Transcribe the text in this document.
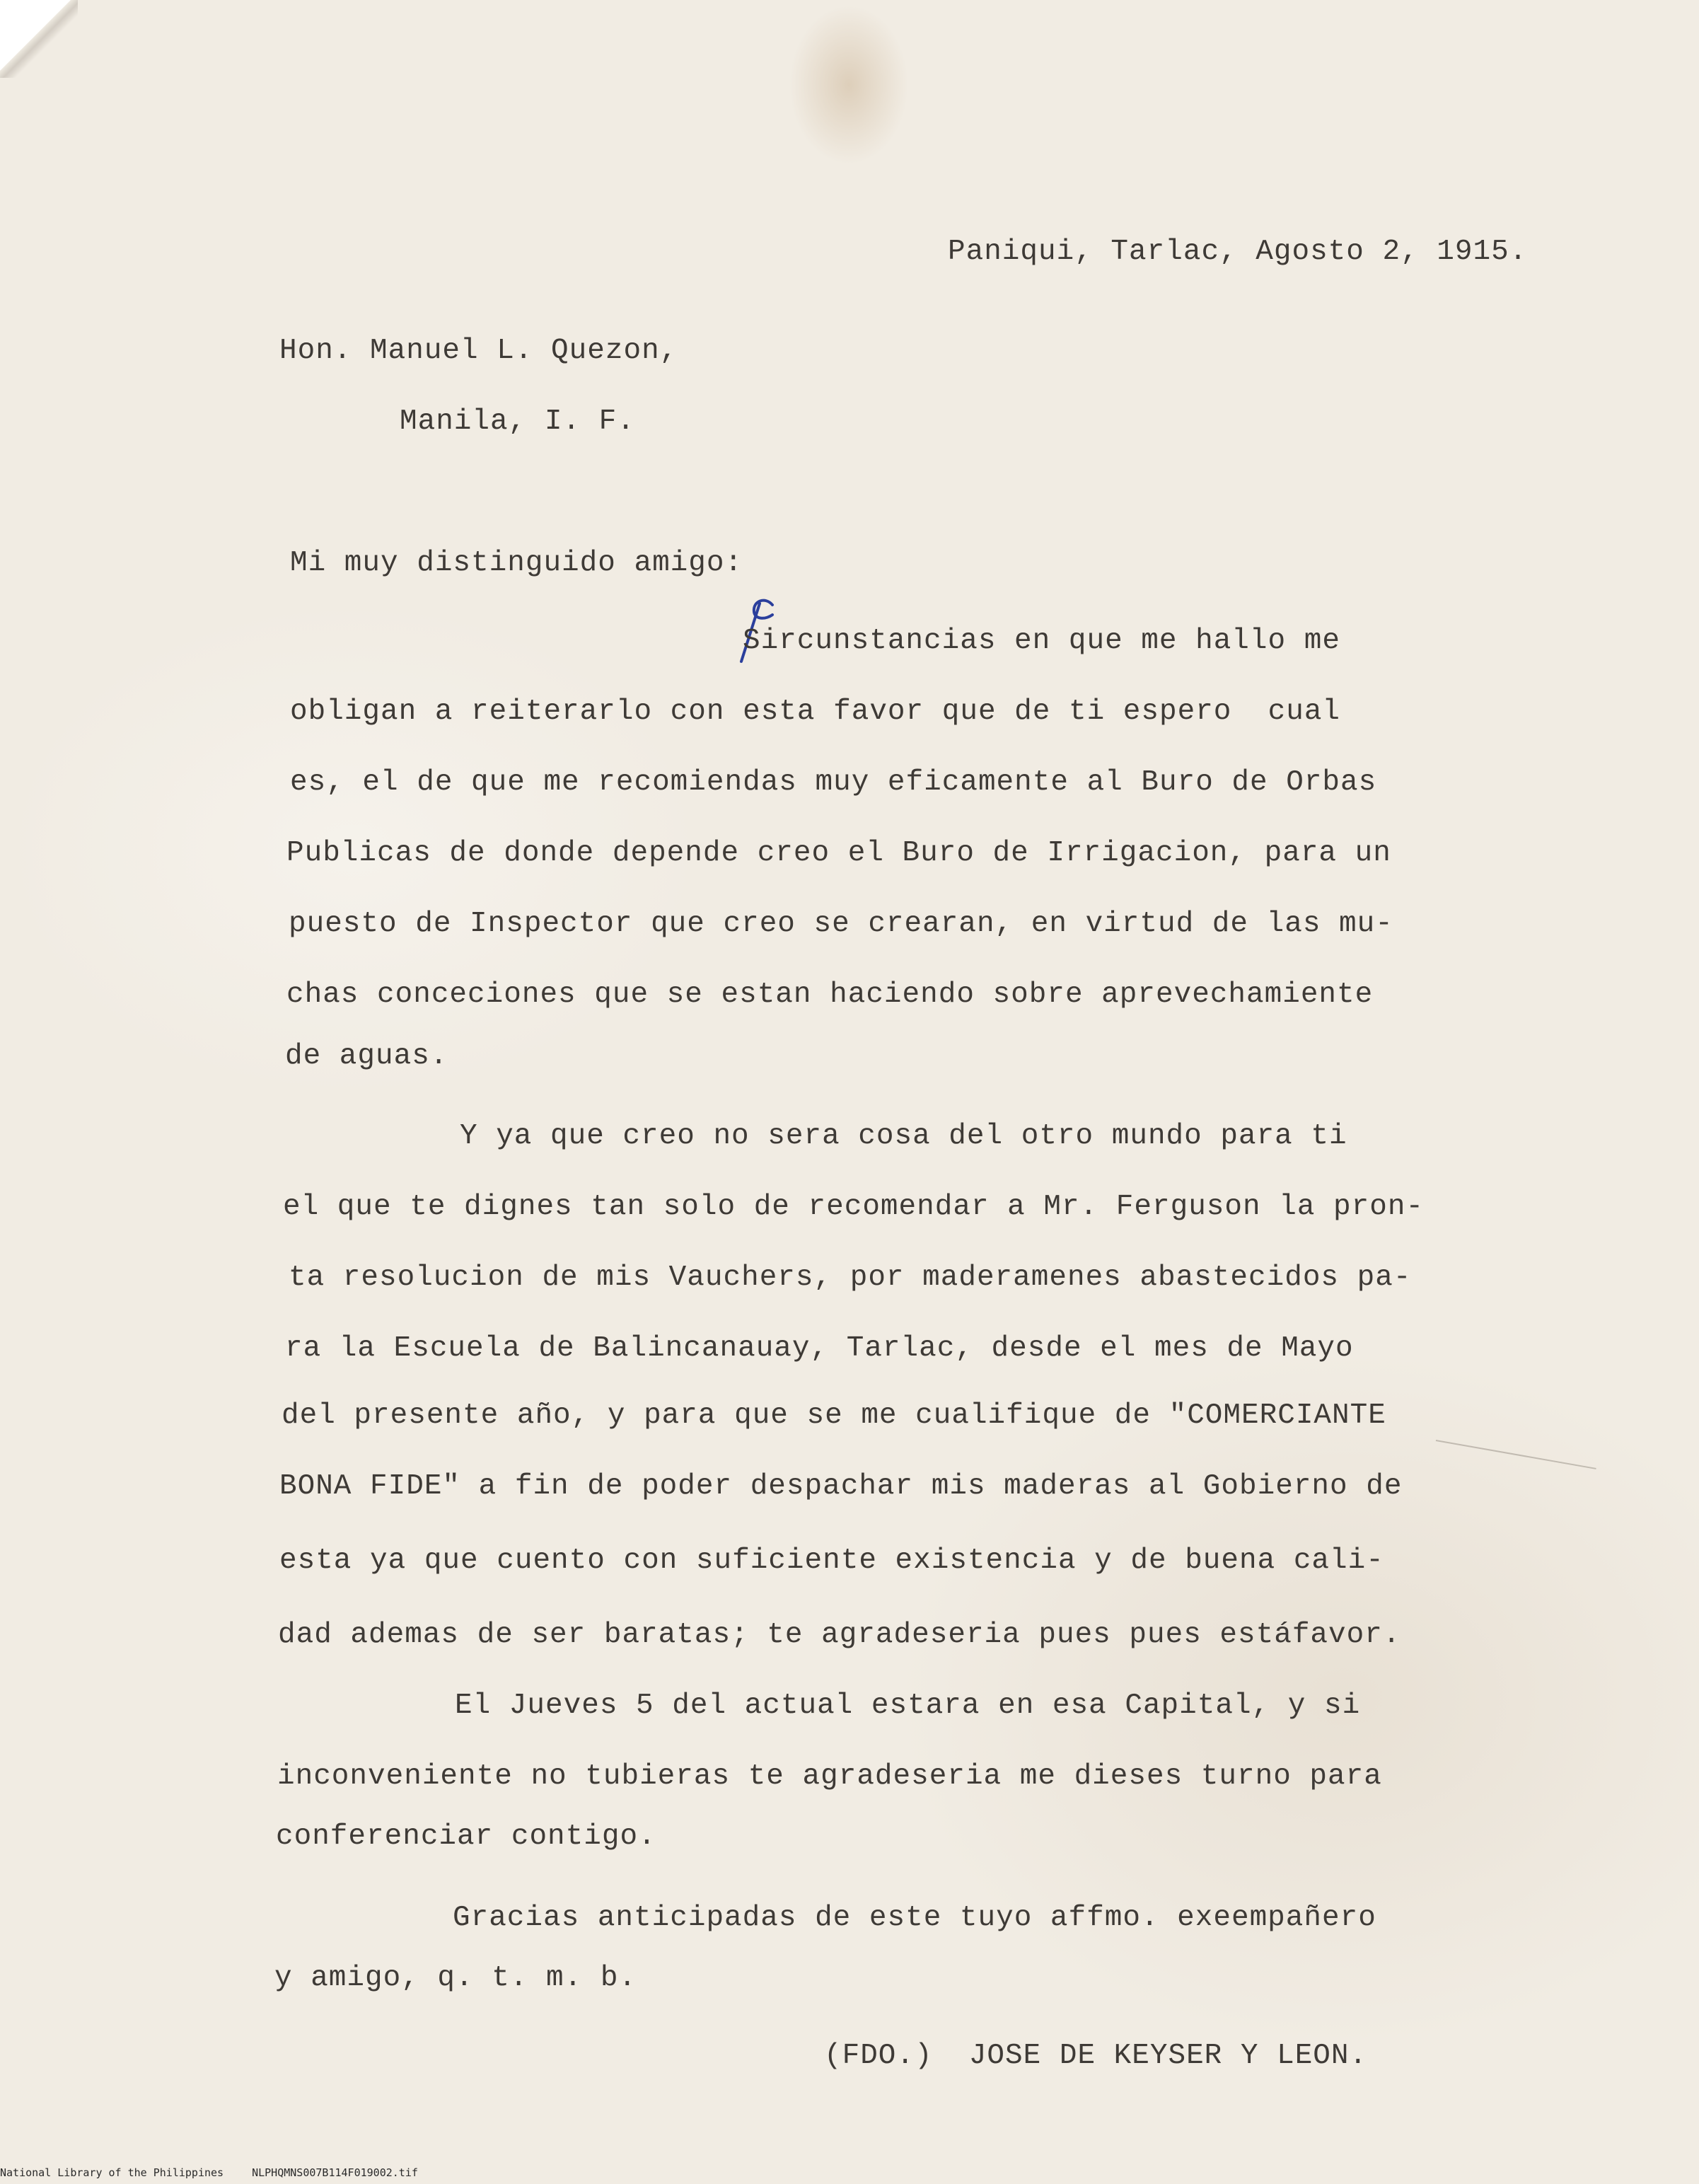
Paniqui, Tarlac, Agosto 2, 1915.
Hon. Manuel L. Quezon,
Manila, I. F.
Mi muy distinguido amigo:
Sircunstancias en que me hallo me
obligan a reiterarlo con esta favor que de ti espero  cual
es, el de que me recomiendas muy eficamente al Buro de Orbas
Publicas de donde depende creo el Buro de Irrigacion, para un
puesto de Inspector que creo se crearan, en virtud de las mu-
chas conceciones que se estan haciendo sobre aprevechamiente
de aguas.
Y ya que creo no sera cosa del otro mundo para ti
el que te dignes tan solo de recomendar a Mr. Ferguson la pron-
ta resolucion de mis Vauchers, por maderamenes abastecidos pa-
ra la Escuela de Balincanauay, Tarlac, desde el mes de Mayo
del presente año, y para que se me cualifique de "COMERCIANTE
BONA FIDE" a fin de poder despachar mis maderas al Gobierno de
esta ya que cuento con suficiente existencia y de buena cali-
dad ademas de ser baratas; te agradeseria pues pues estáfavor.
El Jueves 5 del actual estara en esa Capital, y si
inconveniente no tubieras te agradeseria me dieses turno para
conferenciar contigo.
Gracias anticipadas de este tuyo affmo. exeempañero
y amigo, q. t. m. b.
(FDO.)  JOSE DE KEYSER Y LEON.
National Library of the Philippines	NLPHQMNS007B114F019002.tif
